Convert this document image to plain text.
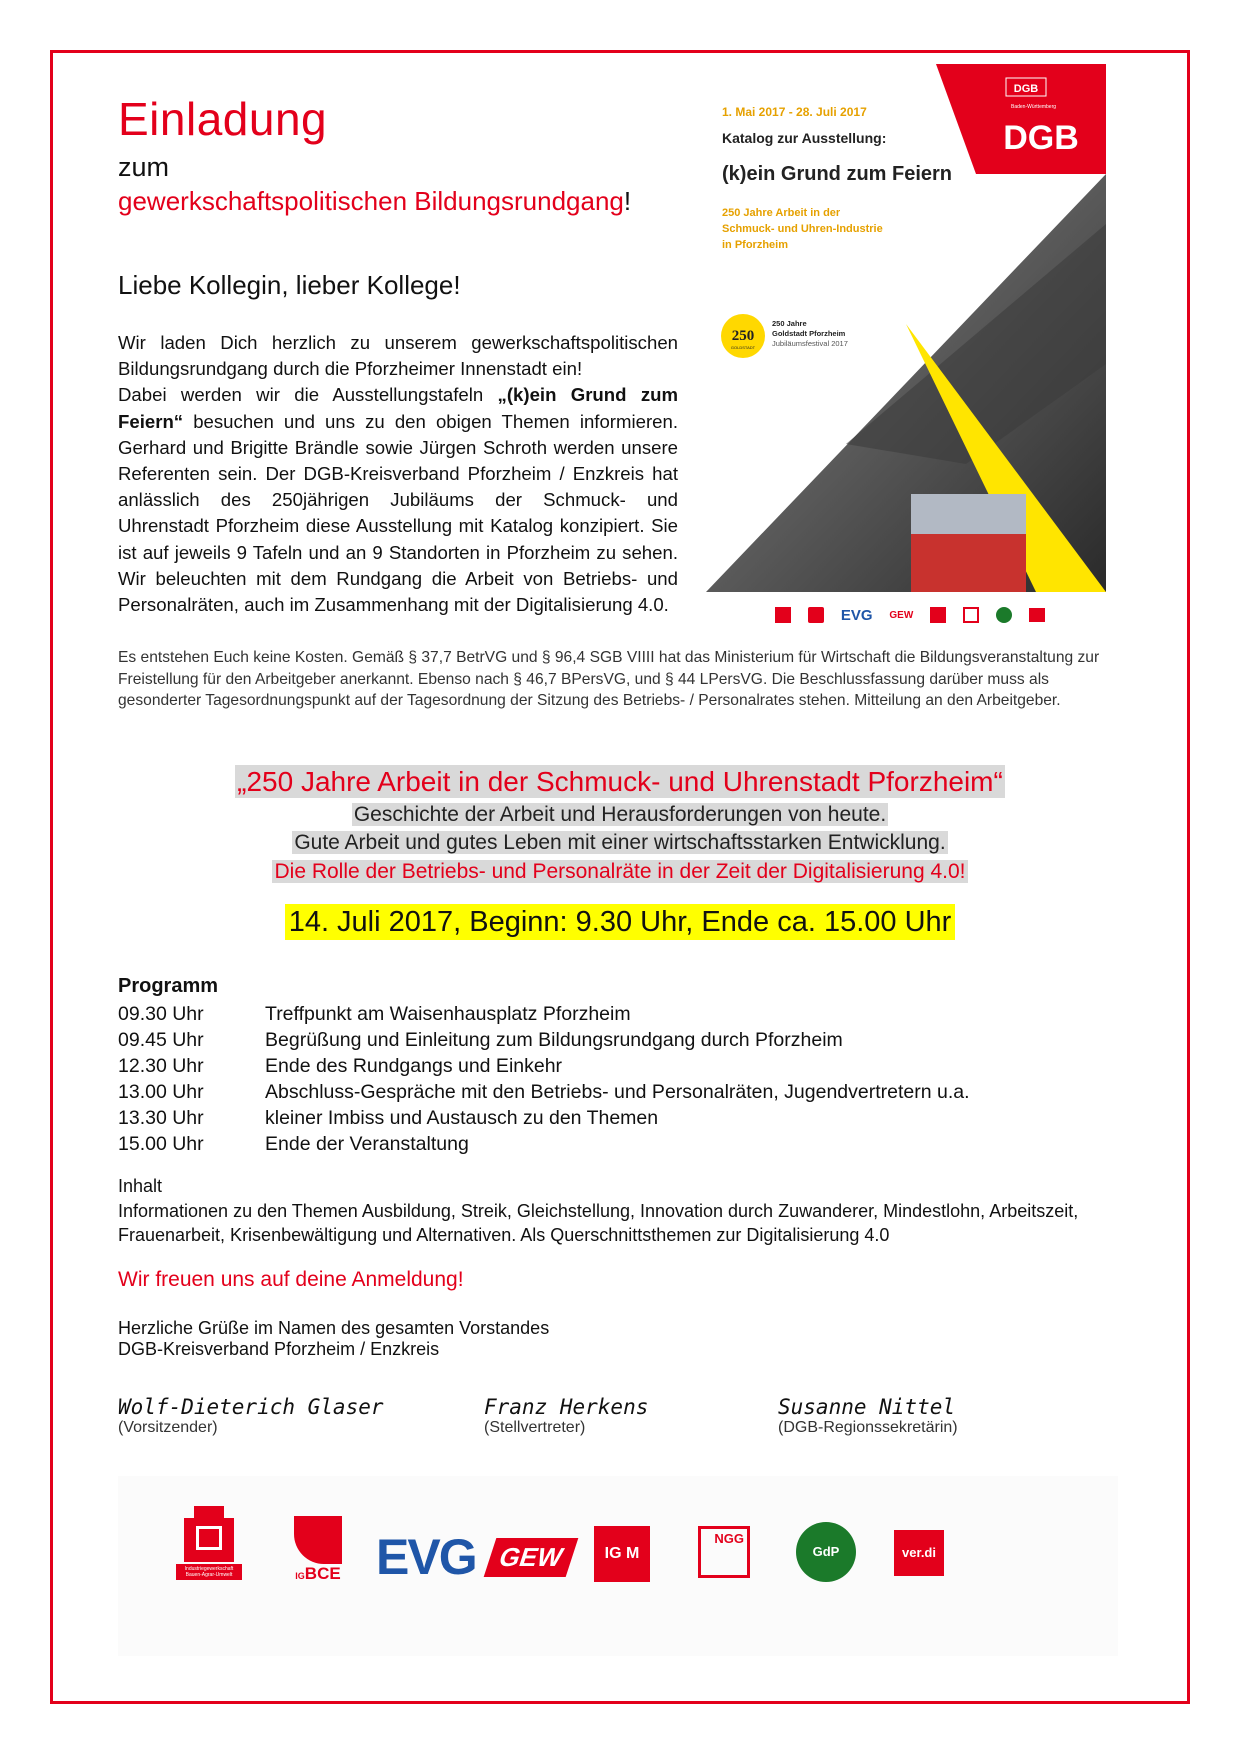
Einladung
zum
gewerkschaftspolitischen Bildungsrundgang!
Liebe Kollegin, lieber Kollege!
Wir laden Dich herzlich zu unserem gewerkschaftspolitischen Bildungsrundgang durch die Pforzheimer Innenstadt ein!
Dabei werden wir die Ausstellungstafeln „(k)ein Grund zum Feiern“ besuchen und uns zu den obigen Themen informieren. Gerhard und Brigitte Brändle sowie Jürgen Schroth werden unsere Referenten sein. Der DGB-Kreisverband Pforzheim / Enzkreis hat anlässlich des 250jährigen Jubiläums der Schmuck- und Uhrenstadt Pforzheim diese Ausstellung mit Katalog konzipiert. Sie ist auf jeweils 9 Tafeln und an 9 Standorten in Pforzheim zu sehen. Wir beleuchten mit dem Rundgang die Arbeit von Betriebs- und Personalräten, auch im Zusammenhang mit der Digitalisierung 4.0.
DGB
DGB
Baden-Württemberg
1. Mai 2017 - 28. Juli 2017
Katalog zur Ausstellung:
(k)ein Grund zum Feiern
250 Jahre Arbeit in der
Schmuck- und Uhren-Industrie
in Pforzheim
250
GOLDSTADT
250 Jahre
Goldstadt Pforzheim
Jubiläumsfestival 2017
EVG GEW
Es entstehen Euch keine Kosten. Gemäß § 37,7 BetrVG und § 96,4 SGB VIIII hat das Ministerium für Wirtschaft die Bildungsveranstaltung zur Freistellung für den Arbeitgeber anerkannt. Ebenso nach § 46,7 BPersVG, und § 44 LPersVG. Die Beschlussfassung darüber muss als gesonderter Tagesordnungspunkt auf der Tagesordnung der Sitzung des Betriebs- / Personalrates stehen. Mitteilung an den Arbeitgeber.
„250 Jahre Arbeit in der Schmuck- und Uhrenstadt Pforzheim“
Geschichte der Arbeit und Herausforderungen von heute.
Gute Arbeit und gutes Leben mit einer wirtschaftsstarken Entwicklung.
Die Rolle der Betriebs- und Personalräte in der Zeit der Digitalisierung 4.0!
14. Juli 2017, Beginn: 9.30 Uhr, Ende ca. 15.00 Uhr
Programm
09.30 Uhr	Treffpunkt am Waisenhausplatz Pforzheim
09.45 Uhr	Begrüßung und Einleitung zum Bildungsrundgang durch Pforzheim
12.30 Uhr	Ende des Rundgangs und Einkehr
13.00 Uhr	Abschluss-Gespräche mit den Betriebs- und Personalräten, Jugendvertretern u.a.
13.30 Uhr	kleiner Imbiss und Austausch zu den Themen
15.00 Uhr	Ende der Veranstaltung
Inhalt
Informationen zu den Themen Ausbildung, Streik, Gleichstellung, Innovation durch Zuwanderer, Mindestlohn, Arbeitszeit, Frauenarbeit, Krisenbewältigung und Alternativen. Als Querschnittsthemen zur Digitalisierung 4.0
Wir freuen uns auf deine Anmeldung!
Herzliche Grüße im Namen des gesamten Vorstandes
DGB-Kreisverband Pforzheim / Enzkreis
Wolf-Dieterich Glaser
(Vorsitzender)
Franz Herkens
(Stellvertreter)
Susanne Nittel
(DGB-Regionssekretärin)
Industriegewerkschaft
Bauen-Agrar-Umwelt	IGBCE EVG GEW	IG M
NGG
GdP	ver.di
